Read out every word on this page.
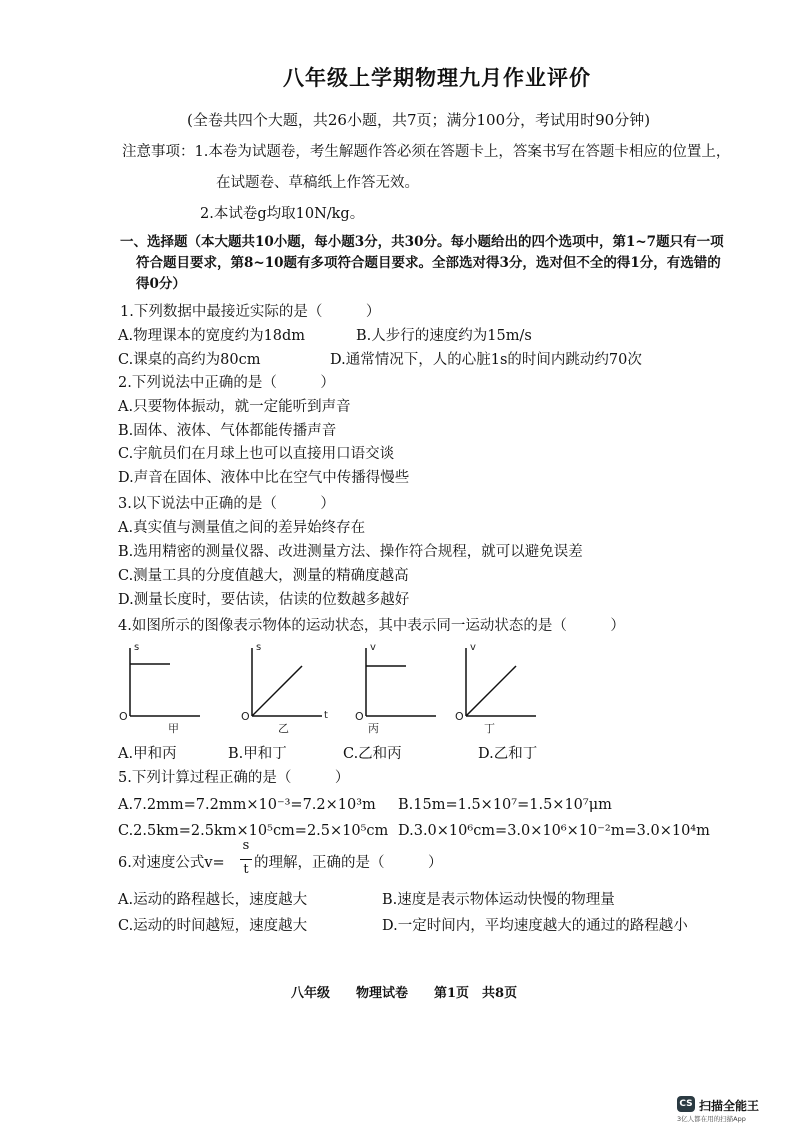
八年级上学期物理九月作业评价
(全卷共四个大题，共26小题，共7页；满分100分，考试用时90分钟)
注意事项：1.本卷为试题卷，考生解题作答必须在答题卡上，答案书写在答题卡相应的位置上，
在试题卷、草稿纸上作答无效。
2.本试卷g均取10N/kg。
一、选择题（本大题共10小题，每小题3分，共30分。每小题给出的四个选项中，第1~7题只有一项
符合题目要求，第8~10题有多项符合题目要求。全部选对得3分，选对但不全的得1分，有选错的
得0分）
1.下列数据中最接近实际的是（　　　）
A.物理课本的宽度约为18dm	B.人步行的速度约为15m/s
C.课桌的高约为80cm	D.通常情况下，人的心脏1s的时间内跳动约70次
2.下列说法中正确的是（　　　）
A.只要物体振动，就一定能听到声音
B.固体、液体、气体都能传播声音
C.宇航员们在月球上也可以直接用口语交谈
D.声音在固体、液体中比在空气中传播得慢些
3.以下说法中正确的是（　　　）
A.真实值与测量值之间的差异始终存在
B.选用精密的测量仪器、改进测量方法、操作符合规程，就可以避免误差
C.测量工具的分度值越大，测量的精确度越高
D.测量长度时，要估读，估读的位数越多越好
4.如图所示的图像表示物体的运动状态，其中表示同一运动状态的是（　　　）
s
O
甲
s
t
O
乙
v
O
丙
v
O
丁
A.甲和丙	B.甲和丁	C.乙和丙	D.乙和丁
5.下列计算过程正确的是（　　　）
A.7.2mm=7.2mm×10⁻³=7.2×10³m B.15m=1.5×10⁷=1.5×10⁷μm
C.2.5km=2.5km×10⁵cm=2.5×10⁵cm D.3.0×10⁶cm=3.0×10⁶×10⁻²m=3.0×10⁴m
6.对速度公式v=
s
t 的理解，正确的是（　　　）
A.运动的路程越长，速度越大	B.速度是表示物体运动快慢的物理量
C.运动的时间越短，速度越大	D.一定时间内，平均速度越大的通过的路程越小
八年级　　物理试卷　　第1页　共8页
CS 扫描全能王
3亿人都在用的扫描App
